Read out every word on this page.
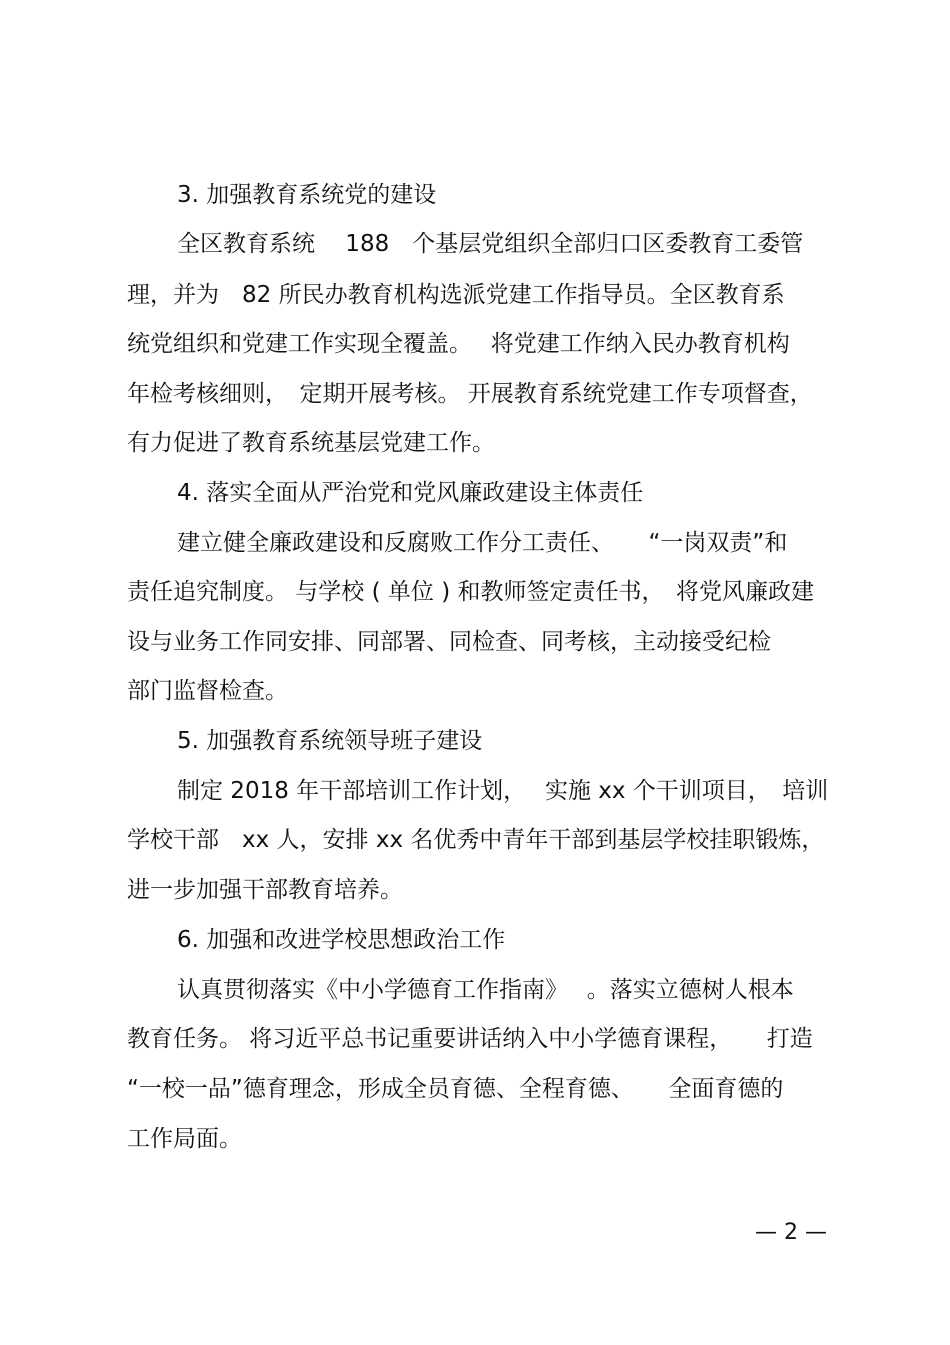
3. 加强教育系统党的建设
全区教育系统　 188　个基层党组织全部归口区委教育工委管
理，并为　82 所民办教育机构选派党建工作指导员。全区教育系
统党组织和党建工作实现全覆盖。　 将党建工作纳入民办教育机构
年检考核细则，　定期开展考核。 开展教育系统党建工作专项督查，
有力促进了教育系统基层党建工作。
4. 落实全面从严治党和党风廉政建设主体责任
建立健全廉政建设和反腐败工作分工责任、　　“一岗双责”和
责任追究制度。 与学校 ( 单位 ) 和教师签定责任书，　将党风廉政建
设与业务工作同安排、同部署、同检查、同考核，主动接受纪检
部门监督检查。
5. 加强教育系统领导班子建设
制定 2018 年干部培训工作计划，　 实施 xx 个干训项目，　培训
学校干部　xx 人，安排 xx 名优秀中青年干部到基层学校挂职锻炼，
进一步加强干部教育培养。
6. 加强和改进学校思想政治工作
认真贯彻落实《中小学德育工作指南》　 。落实立德树人根本
教育任务。 将习近平总书记重要讲话纳入中小学德育课程，　　打造
“一校一品”德育理念，形成全员育德、全程育德、　　全面育德的
工作局面。
— 2 —
